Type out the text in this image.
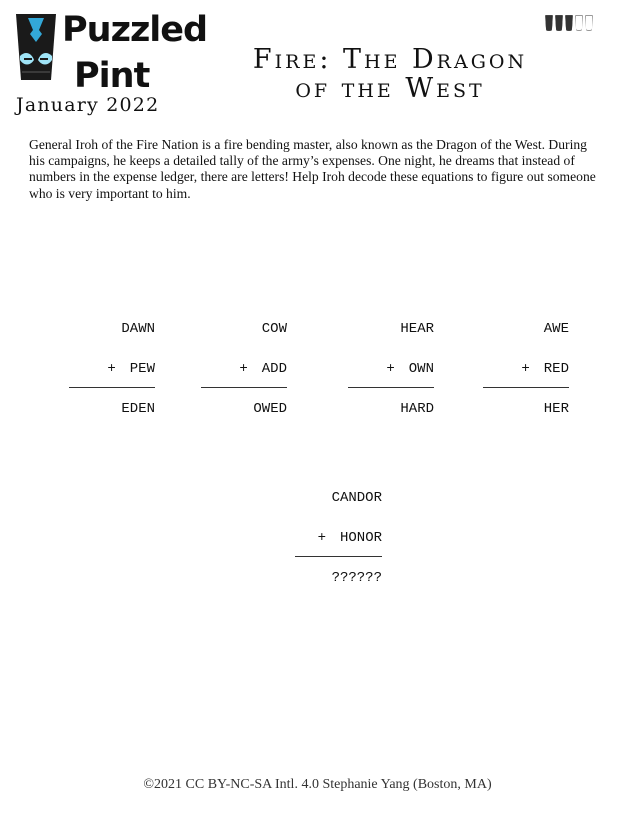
Puzzled
Pint
January 2022
Fire: The Dragon
of the West
General Iroh of the Fire Nation is a fire bending master, also known as the Dragon of the West. During his campaigns, he keeps a detailed tally of the army’s expenses. One night, he dreams that instead of numbers in the expense ledger, there are letters! Help Iroh decode these equations to figure out someone who is very important to him.
DAWN
+ PEW
EDEN
COW
+ ADD
OWED
HEAR
+ OWN
HARD
AWE
+ RED
HER
CANDOR
+ HONOR
??????
©2021 CC BY-NC-SA Intl. 4.0 Stephanie Yang (Boston, MA)
